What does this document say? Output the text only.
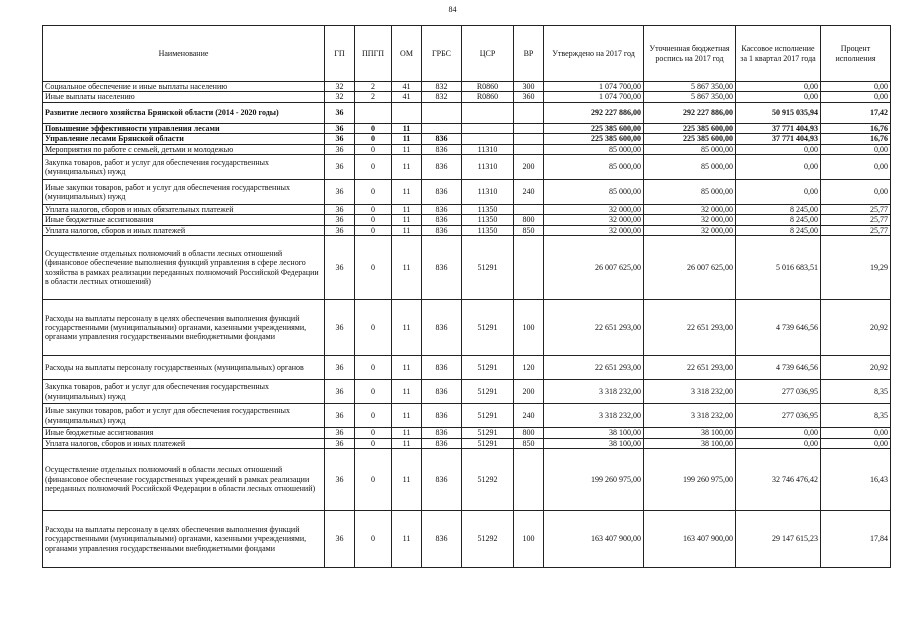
84
Наименование	ГП	ППГП	ОМ	ГРБС	ЦСР	ВР	Утверждено на 2017 год	Уточненная бюджетная роспись на 2017 год	Кассовое исполнение за 1 квартал 2017 года	Процент исполнения
Социальное обеспечение и иные выплаты населению	32	2	41	832	R0860	300	1 074 700,00	5 867 350,00	0,00	0,00
Иные выплаты населению	32	2	41	832	R0860	360	1 074 700,00	5 867 350,00	0,00	0,00
Развитие лесного хозяйства Брянской области (2014 - 2020 годы)	36						292 227 886,00	292 227 886,00	50 915 035,94	17,42
Повышение эффективности управления лесами	36	0	11				225 385 600,00	225 385 600,00	37 771 404,93	16,76
Управление лесами Брянской области	36	0	11	836			225 385 600,00	225 385 600,00	37 771 404,93	16,76
Мероприятия по работе с семьей, детьми и молодежью	36	0	11	836	11310		85 000,00	85 000,00	0,00	0,00
Закупка товаров, работ и услуг для обеспечения государственных (муниципальных) нужд	36	0	11	836	11310	200	85 000,00	85 000,00	0,00	0,00
Иные закупки товаров, работ и услуг для обеспечения государственных (муниципальных) нужд	36	0	11	836	11310	240	85 000,00	85 000,00	0,00	0,00
Уплата налогов, сборов и иных обязательных платежей	36	0	11	836	11350		32 000,00	32 000,00	8 245,00	25,77
Иные бюджетные ассигнования	36	0	11	836	11350	800	32 000,00	32 000,00	8 245,00	25,77
Уплата налогов, сборов и иных платежей	36	0	11	836	11350	850	32 000,00	32 000,00	8 245,00	25,77
Осуществление отдельных полномочий в области лесных отношений (финансовое обеспечение выполнения функций управления в сфере лесного хозяйства в рамках реализации переданных полномочий Российской Федерации в области лестных отношений)	36	0	11	836	51291		26 007 625,00	26 007 625,00	5 016 683,51	19,29
Расходы на выплаты персоналу в целях обеспечения выполнения функций государственными (муниципальными) органами, казенными учреждениями, органами управления государственными внебюджетными фондами	36	0	11	836	51291	100	22 651 293,00	22 651 293,00	4 739 646,56	20,92
Расходы на выплаты персоналу государственных (муниципальных) органов	36	0	11	836	51291	120	22 651 293,00	22 651 293,00	4 739 646,56	20,92
Закупка товаров, работ и услуг для обеспечения государственных (муниципальных) нужд	36	0	11	836	51291	200	3 318 232,00	3 318 232,00	277 036,95	8,35
Иные закупки товаров, работ и услуг для обеспечения государственных (муниципальных) нужд	36	0	11	836	51291	240	3 318 232,00	3 318 232,00	277 036,95	8,35
Иные бюджетные ассигнования	36	0	11	836	51291	800	38 100,00	38 100,00	0,00	0,00
Уплата налогов, сборов и иных платежей	36	0	11	836	51291	850	38 100,00	38 100,00	0,00	0,00
Осуществление отдельных полномочий в области лесных отношений (финансовое обеспечение государственных учреждений в рамках реализации переданных полномочий Российской Федерации в области лесных отношений)	36	0	11	836	51292		199 260 975,00	199 260 975,00	32 746 476,42	16,43
Расходы на выплаты персоналу в целях обеспечения выполнения функций государственными (муниципальными) органами, казенными учреждениями, органами управления государственными внебюджетными фондами	36	0	11	836	51292	100	163 407 900,00	163 407 900,00	29 147 615,23	17,84
